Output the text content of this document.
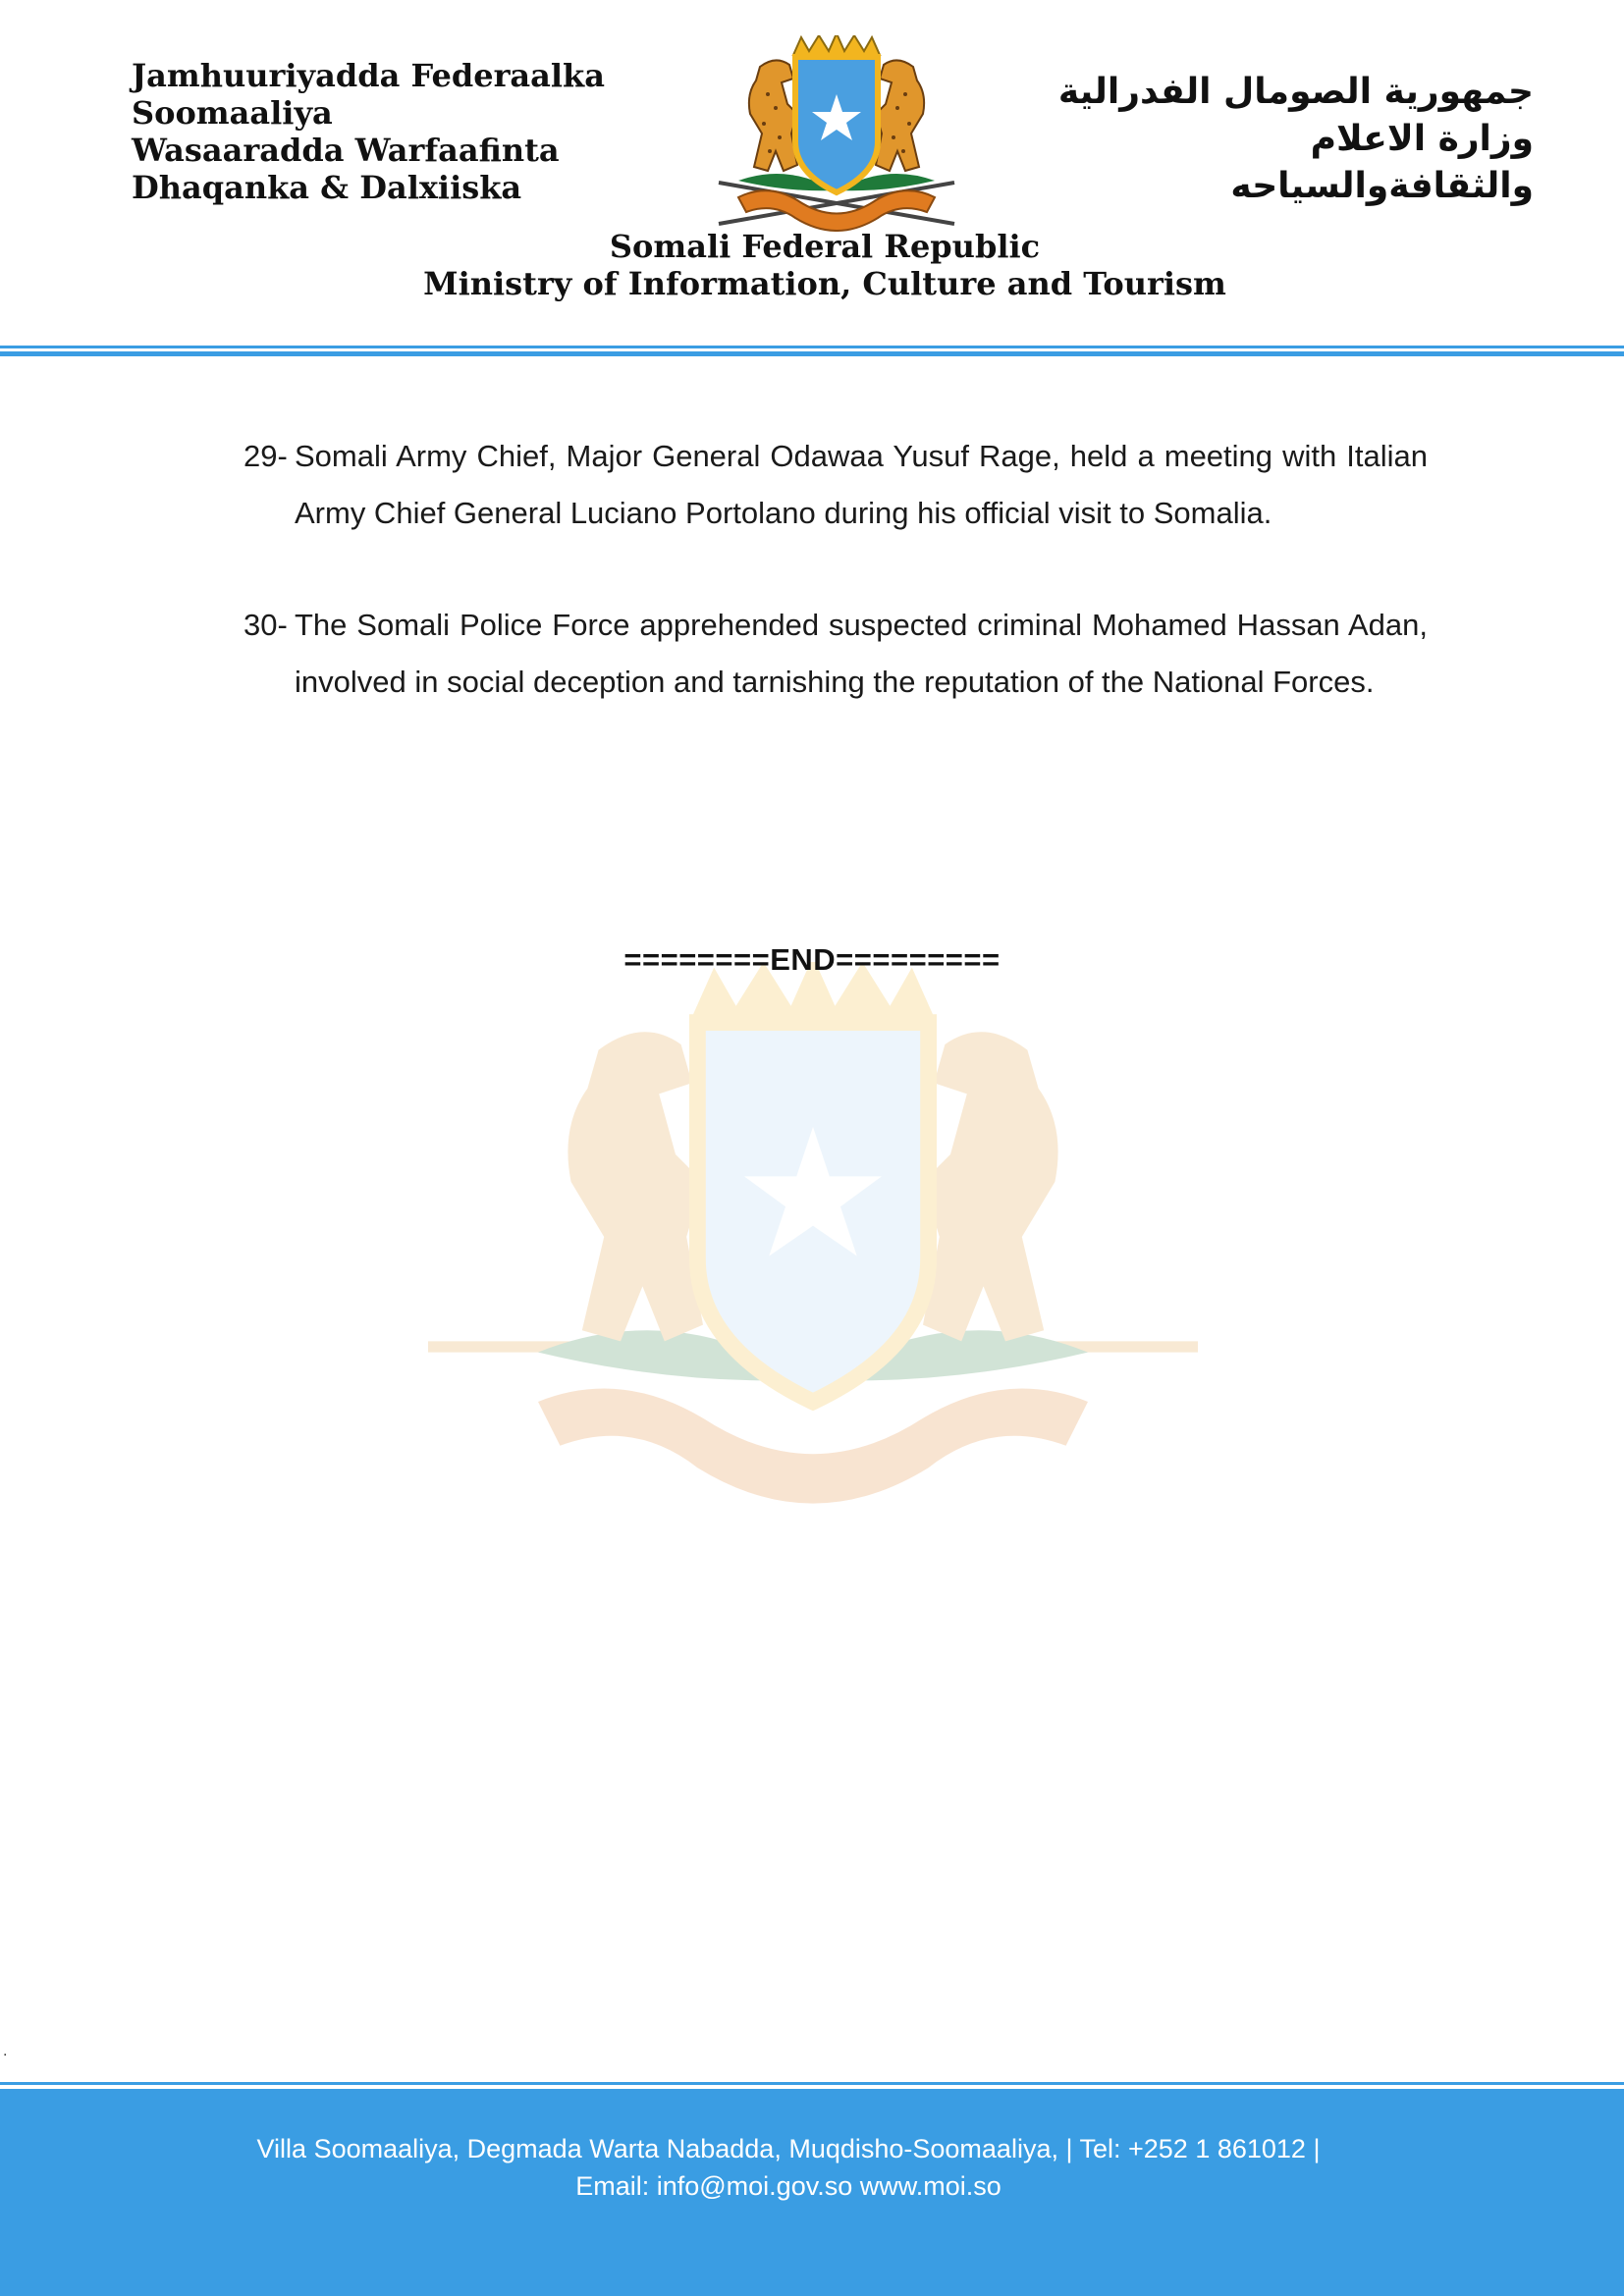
Jamhuuriyadda Federaalka
Soomaaliya
Wasaaradda Warfaafinta
Dhaqanka & Dalxiiska
جمهورية الصومال الفدرالية
وزارة الاعلام
والثقافةوالسياحه
Somali Federal Republic
Ministry of Information, Culture and Tourism
29- Somali Army Chief, Major General Odawaa Yusuf Rage, held a meeting with Italian Army Chief General Luciano Portolano during his official visit to Somalia.
30- The Somali Police Force apprehended suspected criminal Mohamed Hassan Adan, involved in social deception and tarnishing the reputation of the National Forces.
========END=========
.
Villa Soomaaliya, Degmada Warta Nabadda, Muqdisho-Soomaaliya, | Tel: +252 1 861012 |
Email: info@moi.gov.so www.moi.so
